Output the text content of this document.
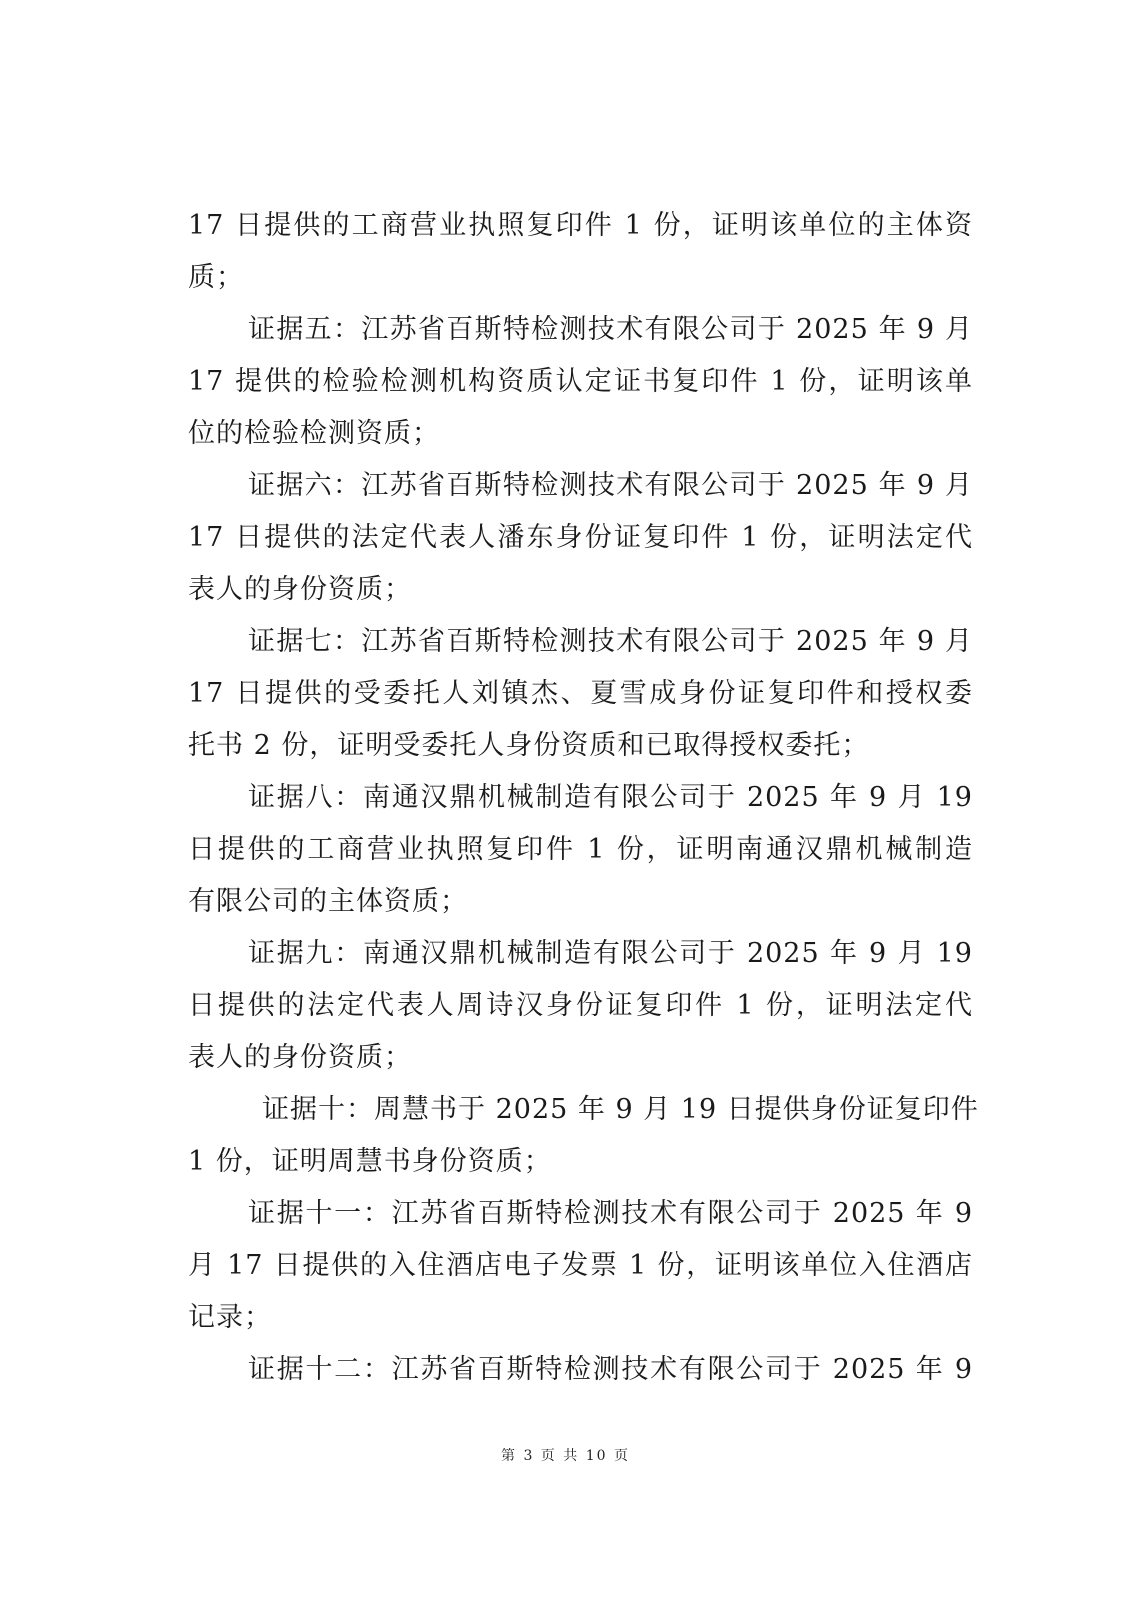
17 日提供的工商营业执照复印件 1 份，证明该单位的主体资
质；
证据五：江苏省百斯特检测技术有限公司于 2025 年 9 月
17 提供的检验检测机构资质认定证书复印件 1 份，证明该单
位的检验检测资质；
证据六：江苏省百斯特检测技术有限公司于 2025 年 9 月
17 日提供的法定代表人潘东身份证复印件 1 份，证明法定代
表人的身份资质；
证据七：江苏省百斯特检测技术有限公司于 2025 年 9 月
17 日提供的受委托人刘镇杰、夏雪成身份证复印件和授权委
托书 2 份，证明受委托人身份资质和已取得授权委托；
证据八：南通汉鼎机械制造有限公司于 2025 年 9 月 19
日提供的工商营业执照复印件 1 份，证明南通汉鼎机械制造
有限公司的主体资质；
证据九：南通汉鼎机械制造有限公司于 2025 年 9 月 19
日提供的法定代表人周诗汉身份证复印件 1 份，证明法定代
表人的身份资质；
证据十：周慧书于 2025 年 9 月 19 日提供身份证复印件
1 份，证明周慧书身份资质；
证据十一：江苏省百斯特检测技术有限公司于 2025 年 9
月 17 日提供的入住酒店电子发票 1 份，证明该单位入住酒店
记录；
证据十二：江苏省百斯特检测技术有限公司于 2025 年 9
第 3 页 共 10 页
